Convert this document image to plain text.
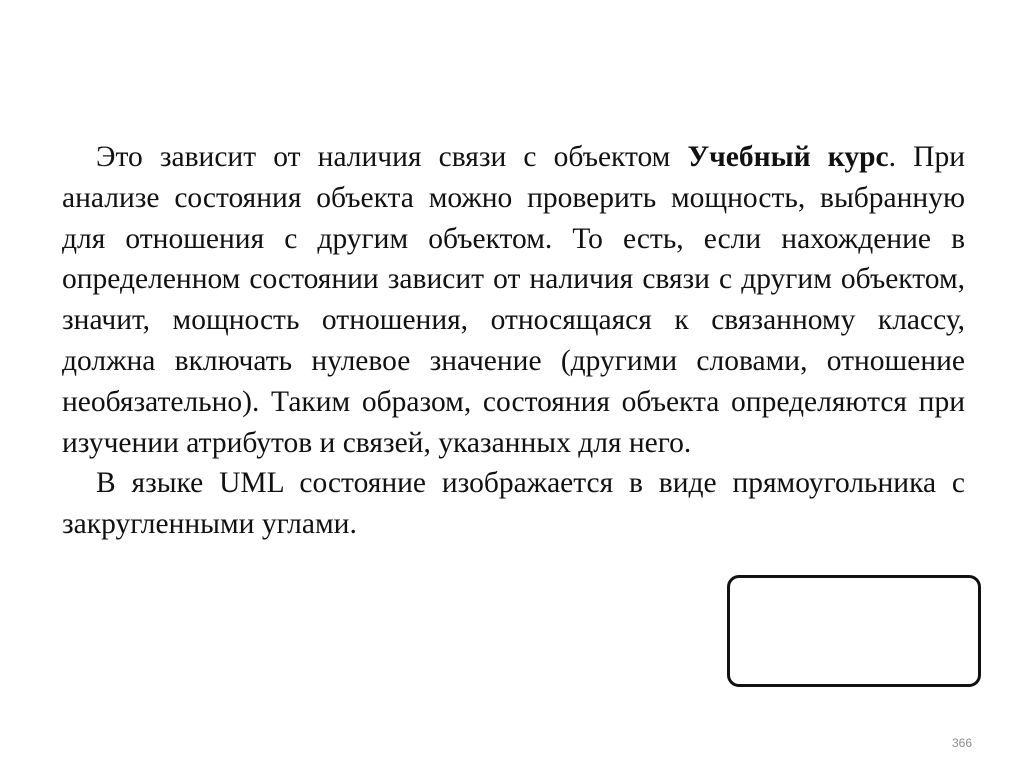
Это зависит от наличия связи с объектом Учебный курс. При анализе состояния объекта можно проверить мощность, выбранную для отношения с другим объектом. То есть, если нахождение в определенном состоянии зависит от наличия связи с другим объектом, значит, мощность отношения, относящаяся к связанному классу, должна включать нулевое значение (другими словами, отношение необязательно). Таким образом, состояния объекта определяются при изучении атрибутов и связей, указанных для него.

В языке UML состояние изображается в виде прямоугольника с закругленными углами.

366
